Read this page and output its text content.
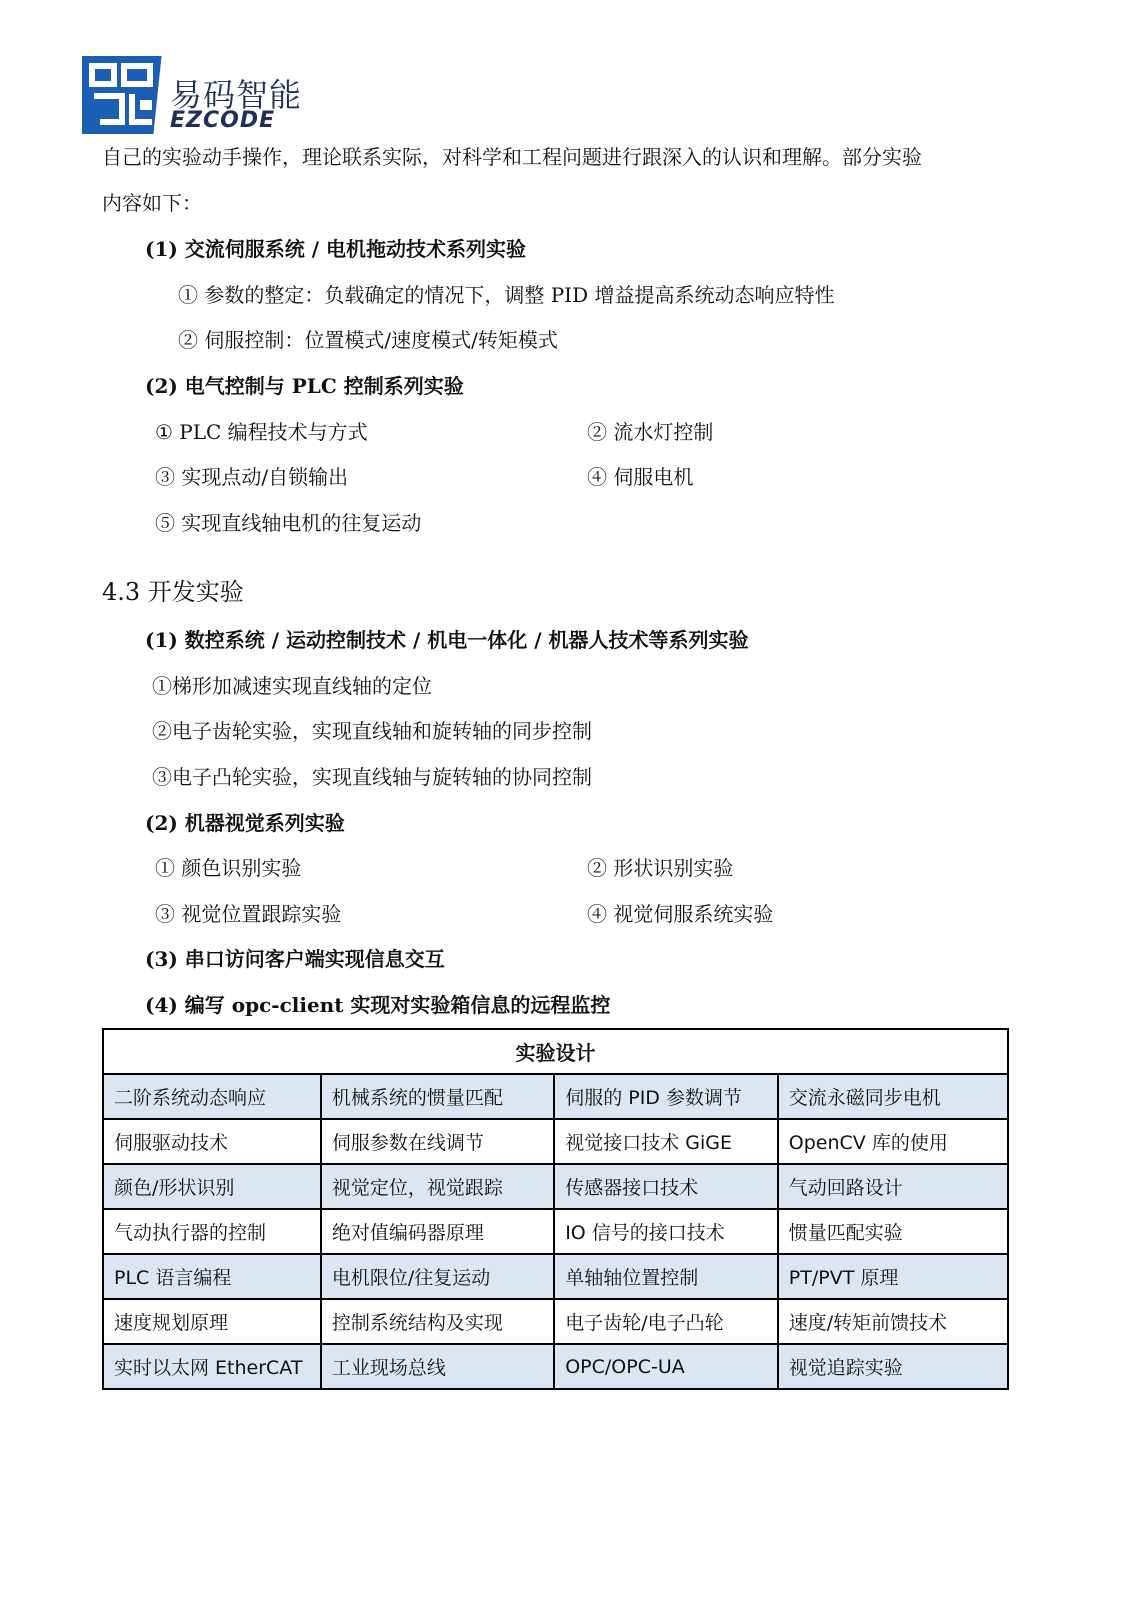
易码智能
EZCODE
自己的实验动手操作，理论联系实际，对科学和工程问题进行跟深入的认识和理解。部分实验
内容如下：
(1) 交流伺服系统 / 电机拖动技术系列实验
① 参数的整定：负载确定的情况下，调整 PID 增益提高系统动态响应特性
② 伺服控制：位置模式/速度模式/转矩模式
(2) 电气控制与 PLC 控制系列实验
① PLC 编程技术与方式	② 流水灯控制
③ 实现点动/自锁输出	④ 伺服电机
⑤ 实现直线轴电机的往复运动
4.3 开发实验
(1) 数控系统 / 运动控制技术 / 机电一体化 / 机器人技术等系列实验
①梯形加减速实现直线轴的定位
②电子齿轮实验，实现直线轴和旋转轴的同步控制
③电子凸轮实验，实现直线轴与旋转轴的协同控制
(2) 机器视觉系列实验
① 颜色识别实验	② 形状识别实验
③ 视觉位置跟踪实验	④ 视觉伺服系统实验
(3) 串口访问客户端实现信息交互
(4) 编写 opc-client 实现对实验箱信息的远程监控
实验设计			
二阶系统动态响应	机械系统的惯量匹配	伺服的 PID 参数调节	交流永磁同步电机
伺服驱动技术	伺服参数在线调节	视觉接口技术 GiGE	OpenCV 库的使用
颜色/形状识别	视觉定位，视觉跟踪	传感器接口技术	气动回路设计
气动执行器的控制	绝对值编码器原理	IO 信号的接口技术	惯量匹配实验
PLC 语言编程	电机限位/往复运动	单轴轴位置控制	PT/PVT 原理
速度规划原理	控制系统结构及实现	电子齿轮/电子凸轮	速度/转矩前馈技术
实时以太网 EtherCAT	工业现场总线	OPC/OPC-UA	视觉追踪实验
